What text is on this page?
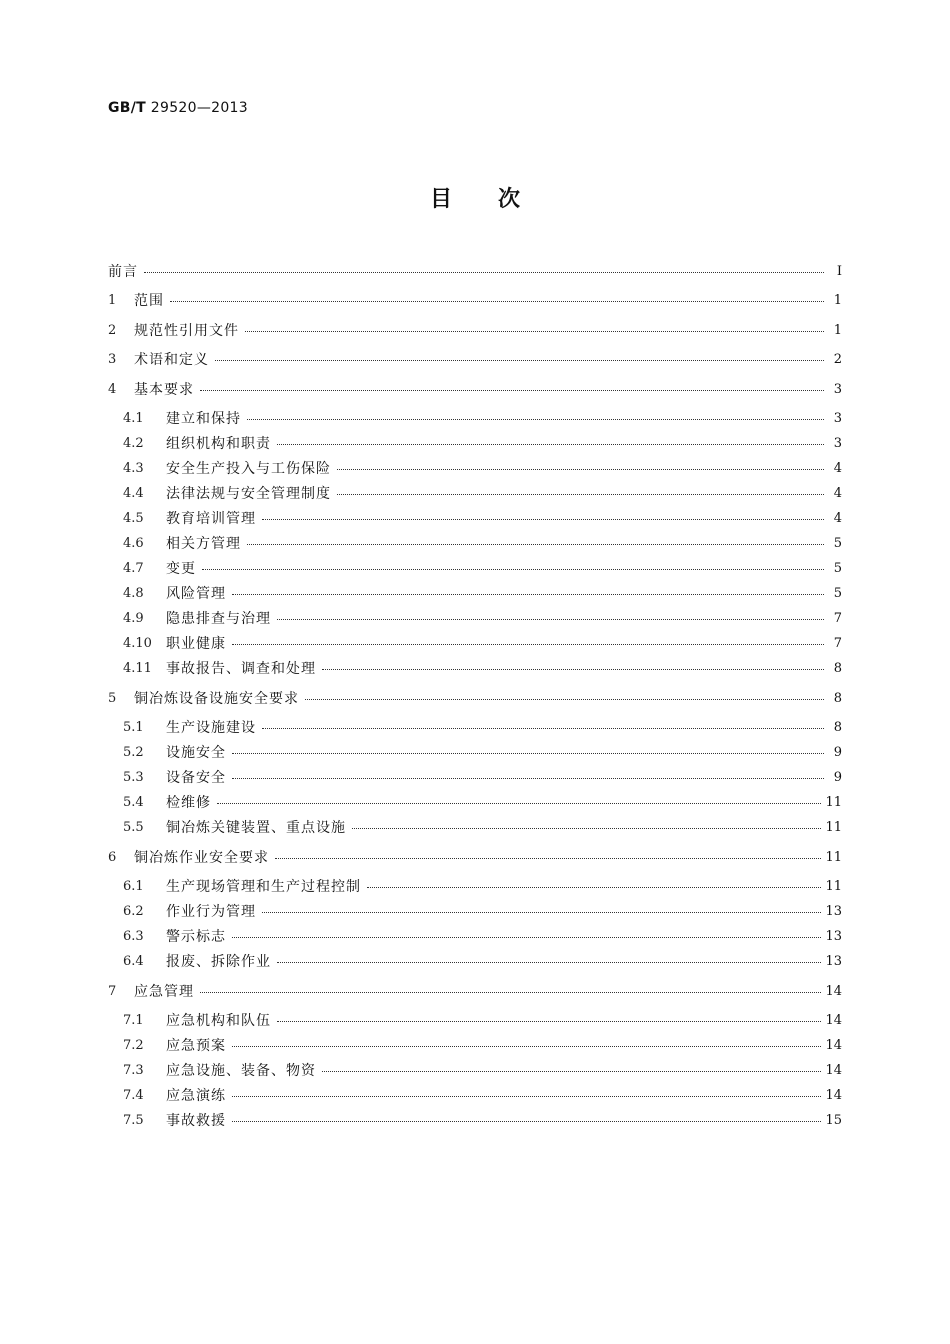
GB/T 29520—2013
目次
前言	Ⅰ
1	范围	1
2	规范性引用文件	1
3	术语和定义	2
4	基本要求	3
4.1	建立和保持	3
4.2	组织机构和职责	3
4.3	安全生产投入与工伤保险	4
4.4	法律法规与安全管理制度	4
4.5	教育培训管理	4
4.6	相关方管理	5
4.7	变更	5
4.8	风险管理	5
4.9	隐患排查与治理	7
4.10	职业健康	7
4.11	事故报告、调查和处理	8
5	铜冶炼设备设施安全要求	8
5.1	生产设施建设	8
5.2	设施安全	9
5.3	设备安全	9
5.4	检维修	11
5.5	铜冶炼关键装置、重点设施	11
6	铜冶炼作业安全要求	11
6.1	生产现场管理和生产过程控制	11
6.2	作业行为管理	13
6.3	警示标志	13
6.4	报废、拆除作业	13
7	应急管理	14
7.1	应急机构和队伍	14
7.2	应急预案	14
7.3	应急设施、装备、物资	14
7.4	应急演练	14
7.5	事故救援	15
